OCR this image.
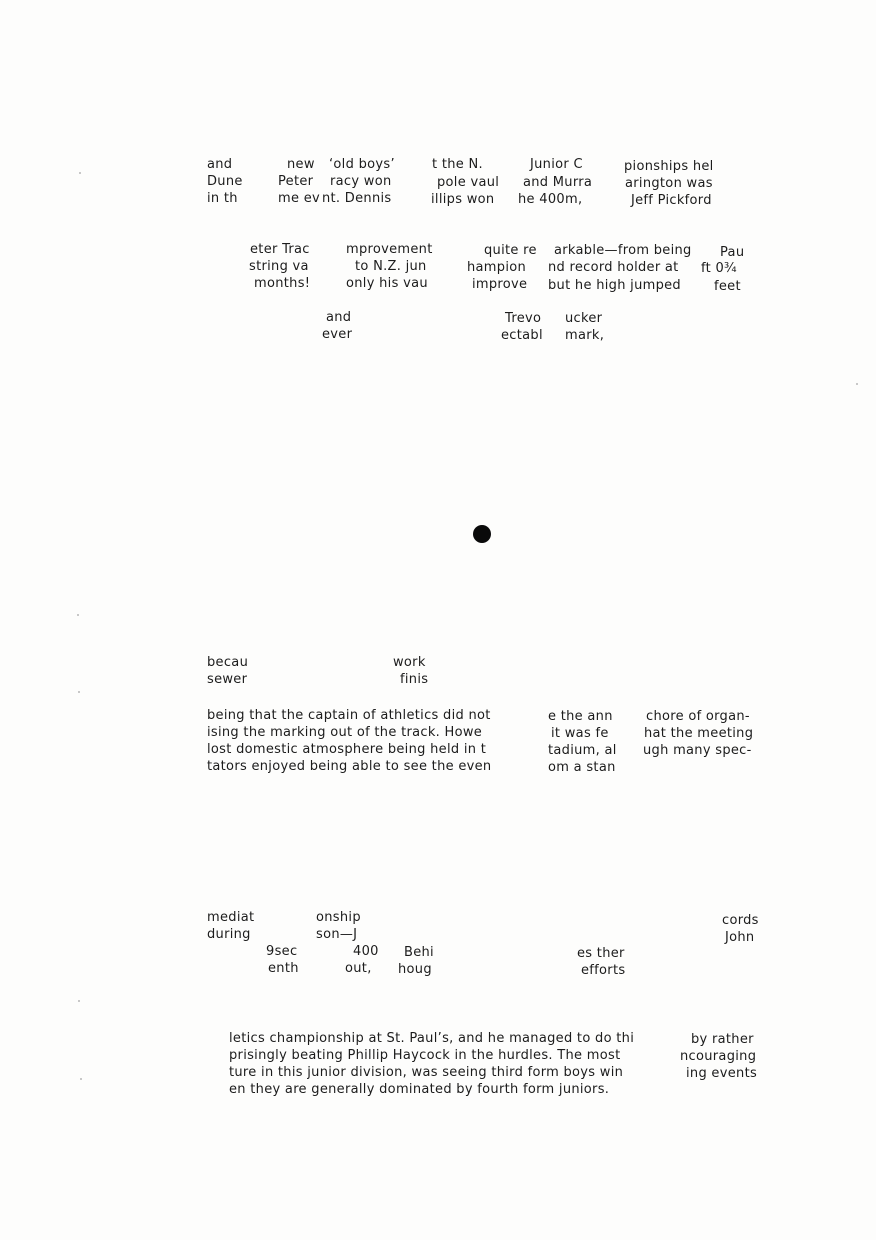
and	new ‘old boys’	t the N.	Junior C	pionships hel
Dune	Peter racy won	pole vaul and Murra	arington was
in th	me ev nt. Dennis	illips won he 400m,	Jeff Pickford
eter Trac	mprovement	quite re arkable—from being Pau
string va	to N.Z. jun	hampion nd record holder at ft 0¾
months!	only his vau	improve but he high jumped	feet
and	Trevo ucker
ever	ectabl mark,
becau	work
sewer	finis
being that the captain of athletics did not	e the ann	chore of organ-
ising the marking out of the track. Howe	it was fe	hat the meeting
lost domestic atmosphere being held in t	tadium, al ugh many spec-
tators enjoyed being able to see the even	om a stan
mediat	onship	cords
during	son—J	John
9sec	400 Behi	es ther
enth	out, houg	efforts
letics championship at St. Paul’s, and he managed to do thi	by rather
prisingly beating Phillip Haycock in the hurdles. The most	ncouraging
ture in this junior division, was seeing third form boys win	ing events
en they are generally dominated by fourth form juniors.
